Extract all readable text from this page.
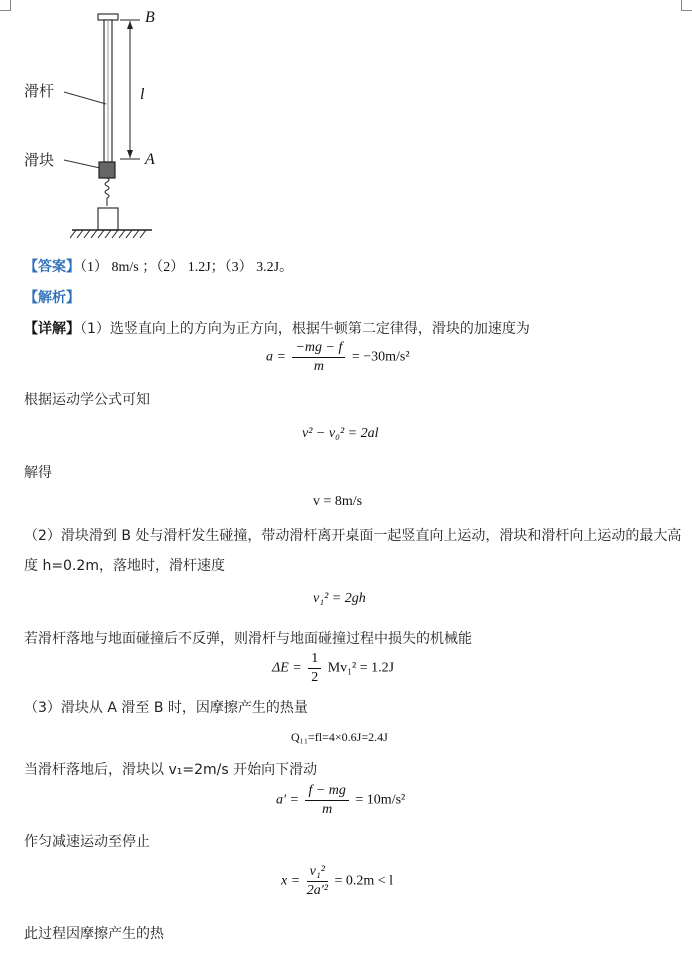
滑杆
滑块
B
A
l
【答案】（1） 8m/s ；（2） 1.2J；（3） 3.2J。
【解析】
【详解】（1）选竖直向上的方向为正方向，根据牛顿第二定律得，滑块的加速度为
$a = \frac{-mg - f}{m} = -30m/s^2$
根据运动学公式可知
v² − v₀² = 2al
解得
v = 8m/s
（2）滑块滑到 B 处与滑杆发生碰撞，带动滑杆离开桌面一起竖直向上运动，滑块和滑杆向上运动的最大高
度 h=0.2m，落地时，滑杆速度
v₁² = 2gh
若滑杆落地与地面碰撞后不反弹，则滑杆与地面碰撞过程中损失的机械能
$\Delta E = \frac{1}{2} Mv_1^2 = 1.2J$
（3）滑块从 A 滑至 B 时，因摩擦产生的热量
Q₁₁=fl=4×0.6J=2.4J
当滑杆落地后，滑块以 v₁=2m/s 开始向下滑动
$a' = \frac{f - mg}{m} = 10m/s^2$
作匀减速运动至停止
$x = \frac{\text{v₁²}}{\text{2a'²}} = 0.2m < l$
此过程因摩擦产生的热
